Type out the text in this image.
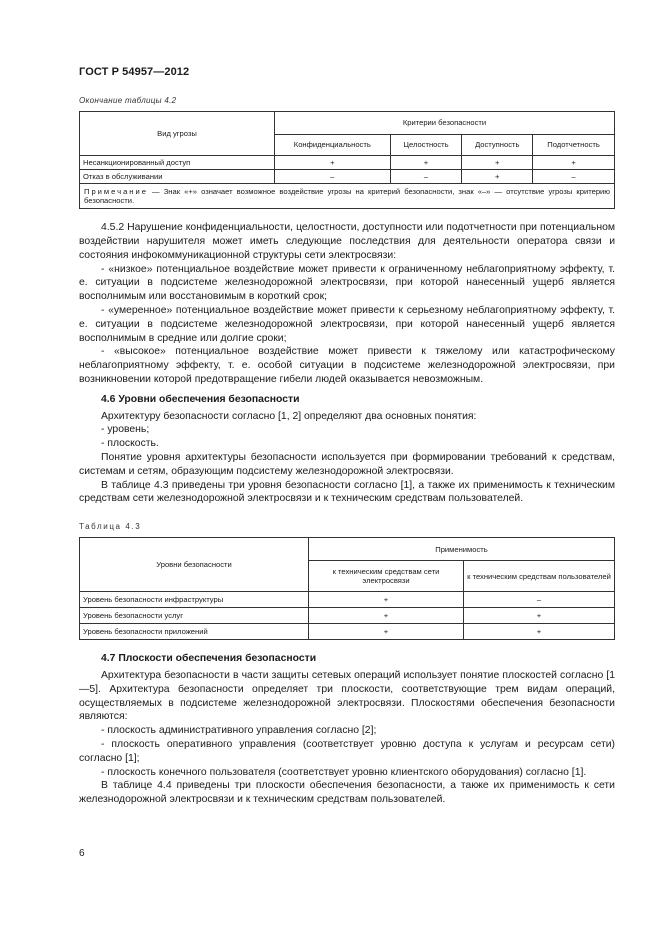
ГОСТ Р 54957—2012
Окончание таблицы 4.2
Вид угрозы	Критерии безопасности			
	Конфиденциальность	Целостность	Доступность	Подотчетность
Несанкционированный доступ	+	+	+	+
Отказ в обслуживании	–	–	+	–
Примечание — Знак «+» означает возможное воздействие угрозы на критерий безопасности, знак «–» — отсутствие угрозы критерию безопасности.				

4.5.2 Нарушение конфиденциальности, целостности, доступности или подотчетности при потенциальном воздействии нарушителя может иметь следующие последствия для деятельности оператора связи и состояния инфокоммуникационной структуры сети электросвязи:

- «низкое» потенциальное воздействие может привести к ограниченному неблагоприятному эффекту, т. е. ситуации в подсистеме железнодорожной электросвязи, при которой нанесенный ущерб является восполнимым или восстановимым в короткий срок;

- «умеренное» потенциальное воздействие может привести к серьезному неблагоприятному эффекту, т. е. ситуации в подсистеме железнодорожной электросвязи, при которой нанесенный ущерб является восполнимым в средние или долгие сроки;

- «высокое» потенциальное воздействие может привести к тяжелому или катастрофическому неблагоприятному эффекту, т. е. особой ситуации в подсистеме железнодорожной электросвязи, при возникновении которой предотвращение гибели людей оказывается невозможным.

4.6 Уровни обеспечения безопасности

Архитектуру безопасности согласно [1, 2] определяют два основных понятия:

- уровень;

- плоскость.

Понятие уровня архитектуры безопасности используется при формировании требований к средствам, системам и сетям, образующим подсистему железнодорожной электросвязи.

В таблице 4.3 приведены три уровня безопасности согласно [1], а также их применимость к техническим средствам сети железнодорожной электросвязи и к техническим средствам пользователей.

Таблица 4.3
Уровни безопасности	Применимость	
	к техническим средствам сети электросвязи	к техническим средствам пользователей
Уровень безопасности инфраструктуры	+	–
Уровень безопасности услуг	+	+
Уровень безопасности приложений	+	+

4.7 Плоскости обеспечения безопасности

Архитектура безопасности в части защиты сетевых операций использует понятие плоскостей согласно [1—5]. Архитектура безопасности определяет три плоскости, соответствующие трем видам операций, осуществляемых в подсистеме железнодорожной электросвязи. Плоскостями обеспечения безопасности являются:

- плоскость административного управления согласно [2];

- плоскость оперативного управления (соответствует уровню доступа к услугам и ресурсам сети) согласно [1];

- плоскость конечного пользователя (соответствует уровню клиентского оборудования) согласно [1].

В таблице 4.4 приведены три плоскости обеспечения безопасности, а также их применимость к сети железнодорожной электросвязи и к техническим средствам пользователей.

6
